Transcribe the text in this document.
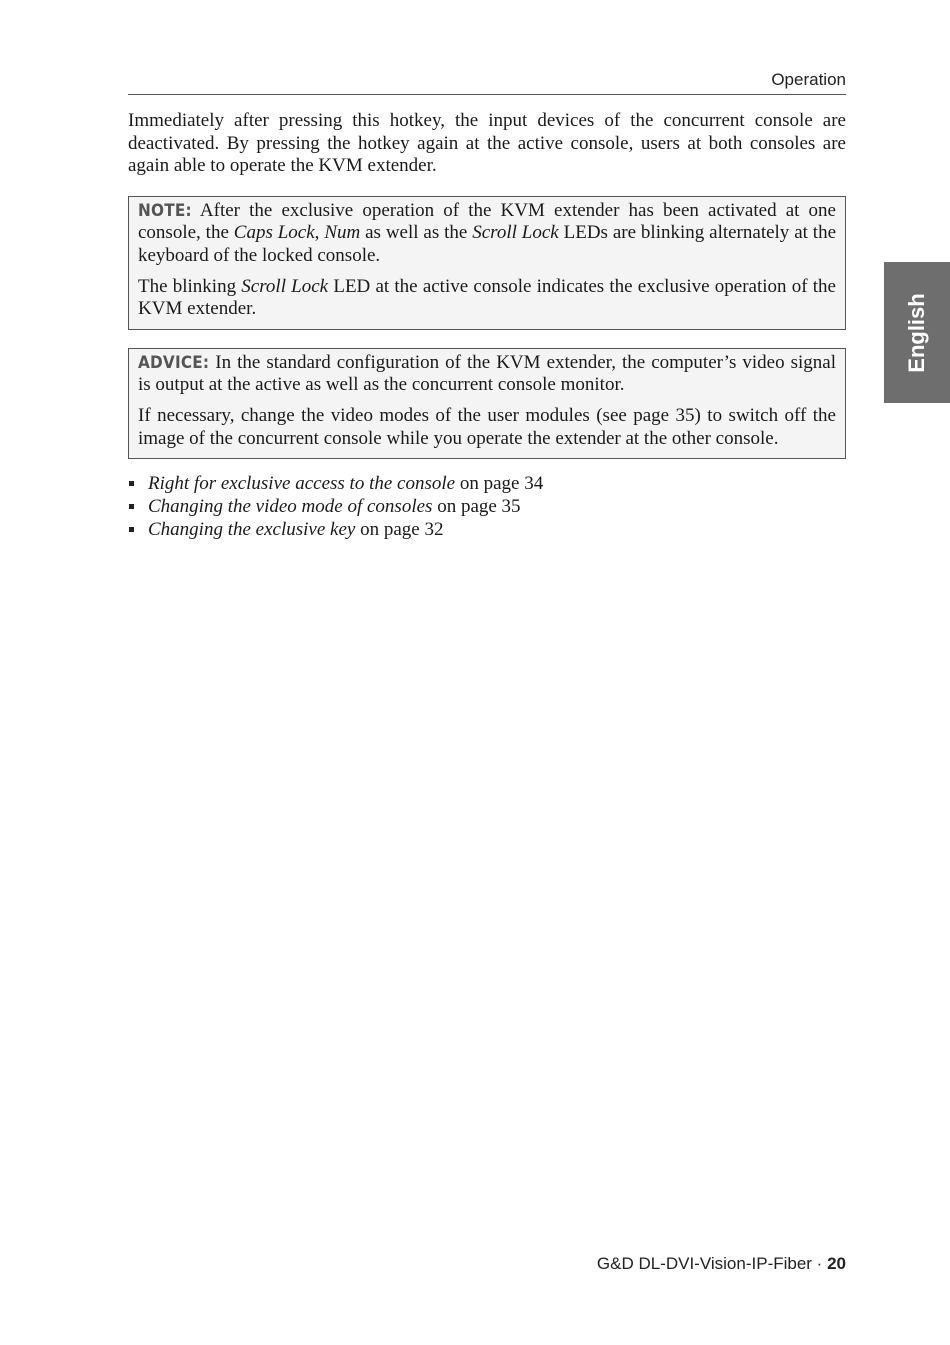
Operation
English

Immediately after pressing this hotkey, the input devices of the concurrent console are deactivated. By pressing the hotkey again at the active console, users at both consoles are again able to operate the KVM extender.

NOTE: After the exclusive operation of the KVM extender has been activated at one console, the Caps Lock, Num as well as the Scroll Lock LEDs are blinking alternately at the keyboard of the locked console.

The blinking Scroll Lock LED at the active console indicates the exclusive operation of the KVM extender.

ADVICE: In the standard configuration of the KVM extender, the computer’s video signal is output at the active as well as the concurrent console monitor.

If necessary, change the video modes of the user modules (see page 35) to switch off the image of the concurrent console while you operate the extender at the other console.

Right for exclusive access to the console on page 34
Changing the video mode of consoles on page 35
Changing the exclusive key on page 32
G&D DL-DVI-Vision-IP-Fiber · 20
